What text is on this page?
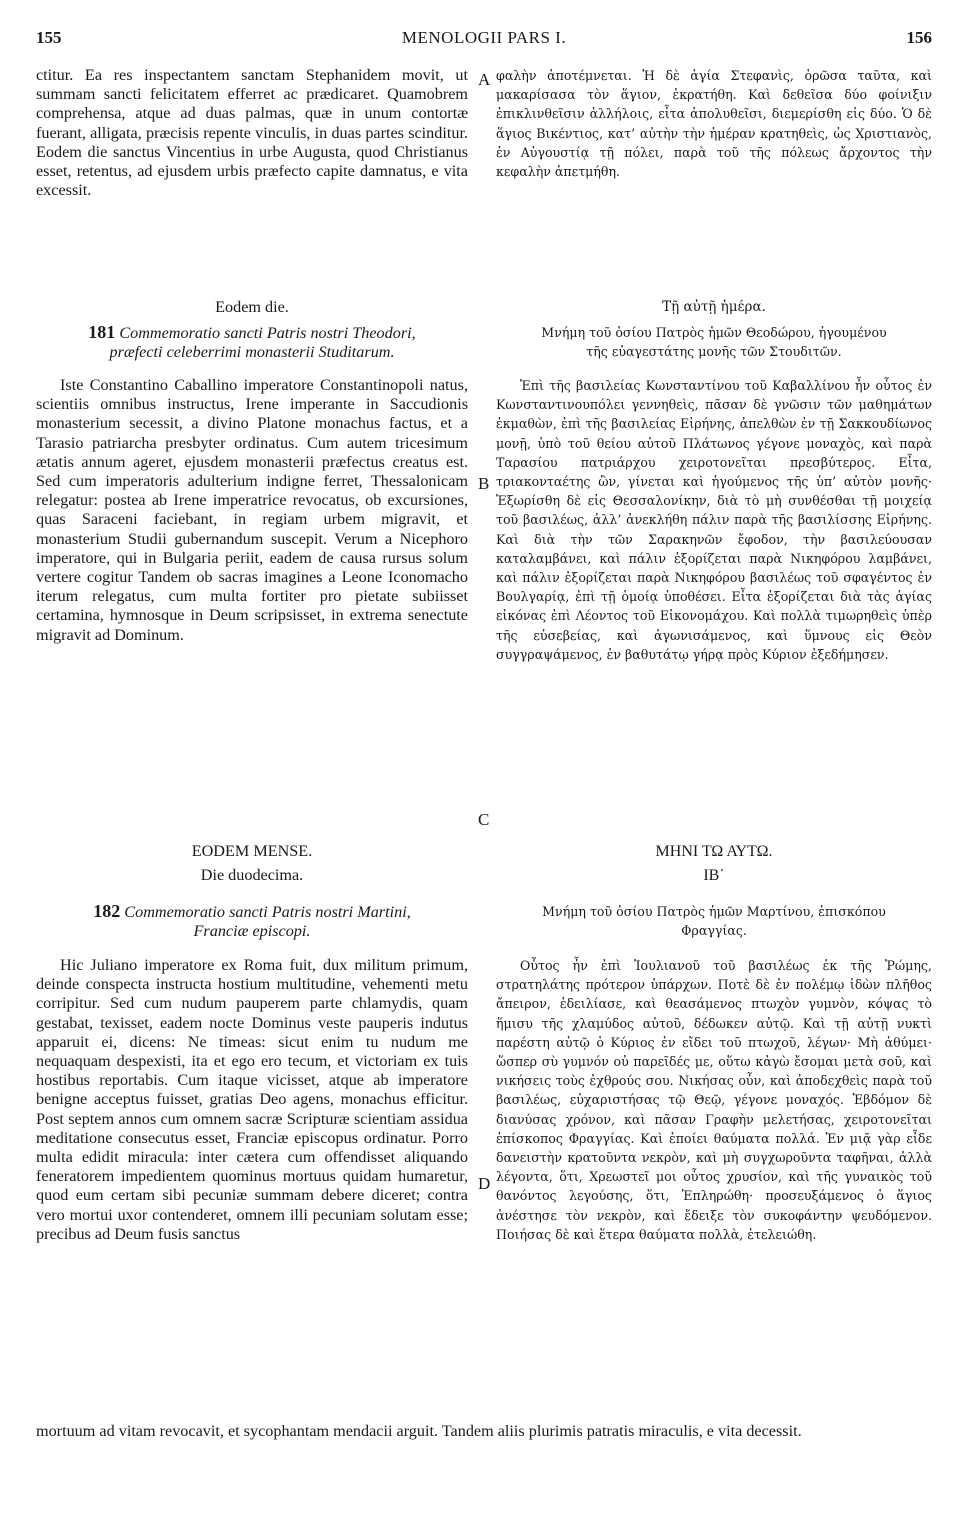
155	MENOLOGII PARS I.	156
A
B
C
D

ctitur. Ea res inspectantem sanctam Stephanidem movit, ut summam sancti felicitatem efferret ac prædicaret. Quamobrem comprehensa, atque ad duas palmas, quæ in unum contortæ fuerant, alligata, præcisis repente vinculis, in duas partes scinditur. Eodem die sanctus Vincentius in urbe Augusta, quod Christianus esset, retentus, ad ejusdem urbis præfecto capite damnatus, e vita excessit.

Eodem die.
181 Commemoratio sancti Patris nostri Theodori,
præfecti celeberrimi monasterii Studitarum.

Iste Constantino Caballino imperatore Constantinopoli natus, scientiis omnibus instructus, Irene imperante in Saccudionis monasterium secessit, a divino Platone monachus factus, et a Tarasio patriarcha presbyter ordinatus. Cum autem tricesimum ætatis annum ageret, ejusdem monasterii præfectus creatus est. Sed cum imperatoris adulterium indigne ferret, Thessalonicam relegatur: postea ab Irene imperatrice revocatus, ob excursiones, quas Saraceni faciebant, in regiam urbem migravit, et monasterium Studii gubernandum suscepit. Verum a Nicephoro imperatore, qui in Bulgaria periit, eadem de causa rursus solum vertere cogitur Tandem ob sacras imagines a Leone Iconomacho iterum relegatus, cum multa fortiter pro pietate subiisset certamina, hymnosque in Deum scripsisset, in extrema senectute migravit ad Dominum.

EODEM MENSE.
Die duodecima.
182 Commemoratio sancti Patris nostri Martini,
Franciæ episcopi.

Hic Juliano imperatore ex Roma fuit, dux militum primum, deinde conspecta instructa hostium multitudine, vehementi metu corripitur. Sed cum nudum pauperem parte chlamydis, quam gestabat, texisset, eadem nocte Dominus veste pauperis indutus apparuit ei, dicens: Ne timeas: sicut enim tu nudum me nequaquam despexisti, ita et ego ero tecum, et victoriam ex tuis hostibus reportabis. Cum itaque vicisset, atque ab imperatore benigne acceptus fuisset, gratias Deo agens, monachus efficitur. Post septem annos cum omnem sacræ Scripturæ scientiam assidua meditatione consecutus esset, Franciæ episcopus ordinatur. Porro multa edidit miracula: inter cætera cum offendisset aliquando feneratorem impedientem quominus mortuus quidam humaretur, quod eum certam sibi pecuniæ summam debere diceret; contra vero mortui uxor contenderet, omnem illi pecuniam solutam esse; precibus ad Deum fusis sanctus

φαλὴν ἀποτέμνεται. Ἡ δὲ ἁγία Στεφανὶς, ὁρῶσα ταῦτα, καὶ μακαρίσασα τὸν ἅγιον, ἐκρατήθη. Καὶ δεθεῖσα δύο φοίνιξιν ἐπικλινθεῖσιν ἀλλήλοις, εἶτα ἀπολυθεῖσι, διεμερίσθη εἰς δύο. Ὁ δὲ ἅγιος Βικέντιος, κατ’ αὐτὴν τὴν ἡμέραν κρατηθεὶς, ὡς Χριστιανὸς, ἐν Αὐγουστίᾳ τῇ πόλει, παρὰ τοῦ τῆς πόλεως ἄρχοντος τὴν κεφαλὴν ἀπετμήθη.

Τῇ αὐτῇ ἡμέρα.
Μνήμη τοῦ ὁσίου Πατρὸς ἡμῶν Θεοδώρου, ἡγουμένου
τῆς εὐαγεστάτης μονῆς τῶν Στουδιτῶν.

Ἐπὶ τῆς βασιλείας Κωνσταντίνου τοῦ Καβαλλίνου ἦν οὗτος ἐν Κωνσταντινουπόλει γεννηθεὶς, πᾶσαν δὲ γνῶσιν τῶν μαθημάτων ἐκμαθὼν, ἐπὶ τῆς βασιλείας Εἰρήνης, ἀπελθὼν ἐν τῇ Σακκουδίωνος μονῇ, ὑπὸ τοῦ θείου αὐτοῦ Πλάτωνος γέγονε μοναχὸς, καὶ παρὰ Ταρασίου πατριάρχου χειροτονεῖται πρεσβύτερος. Εἶτα, τριακονταέτης ὢν, γίνεται καὶ ἡγούμενος τῆς ὑπ’ αὐτὸν μονῆς· Ἐξωρίσθη δὲ εἰς Θεσσαλονίκην, διὰ τὸ μὴ συνθέσθαι τῇ μοιχείᾳ τοῦ βασιλέως, ἀλλ’ ἀνεκλήθη πάλιν παρὰ τῆς βασιλίσσης Εἰρήνης. Καὶ διὰ τὴν τῶν Σαρακηνῶν ἔφοδον, τὴν βασιλεύουσαν καταλαμβάνει, καὶ πάλιν ἐξορίζεται παρὰ Νικηφόρου λαμβάνει, καὶ πάλιν ἐξορίζεται παρὰ Νικηφόρου βασιλέως τοῦ σφαγέντος ἐν Βουλγαρίᾳ, ἐπὶ τῇ ὁμοίᾳ ὑποθέσει. Εἶτα ἐξορίζεται διὰ τὰς ἁγίας εἰκόνας ἐπὶ Λέοντος τοῦ Εἰκονομάχου. Καὶ πολλὰ τιμωρηθεὶς ὑπὲρ τῆς εὐσεβείας, καὶ ἀγωνισάμενος, καὶ ὕμνους εἰς Θεὸν συγγραψάμενος, ἐν βαθυτάτῳ γήρᾳ πρὸς Κύριον ἐξεδήμησεν.

ΜΗΝΙ ΤΩ ΑΥΤΩ.
ΙΒ΄
Μνήμη τοῦ ὁσίου Πατρὸς ἡμῶν Μαρτίνου, ἐπισκόπου
Φραγγίας.

Οὗτος ἦν ἐπὶ Ἰουλιανοῦ τοῦ βασιλέως ἐκ τῆς Ῥώμης, στρατηλάτης πρότερον ὑπάρχων. Ποτὲ δὲ ἐν πολέμῳ ἰδὼν πλῆθος ἄπειρον, ἐδειλίασε, καὶ θεασάμενος πτωχὸν γυμνὸν, κόψας τὸ ἥμισυ τῆς χλαμύδος αὐτοῦ, δέδωκεν αὐτῷ. Καὶ τῇ αὐτῇ νυκτὶ παρέστη αὐτῷ ὁ Κύριος ἐν εἴδει τοῦ πτωχοῦ, λέγων· Μὴ ἀθύμει· ὥσπερ σὺ γυμνόν οὐ παρεῖδές με, οὕτω κἀγὼ ἔσομαι μετὰ σοῦ, καὶ νικήσεις τοὺς ἐχθρούς σου. Νικήσας οὖν, καὶ ἀποδεχθεὶς παρὰ τοῦ βασιλέως, εὐχαριστήσας τῷ Θεῷ, γέγονε μοναχός. Ἑβδόμον δὲ διανύσας χρόνον, καὶ πᾶσαν Γραφὴν μελετήσας, χειροτονεῖται ἐπίσκοπος Φραγγίας. Καὶ ἐποίει θαύματα πολλά. Ἐν μιᾷ γὰρ εἶδε δανειστὴν κρατοῦντα νεκρὸν, καὶ μὴ συγχωροῦντα ταφῆναι, ἀλλὰ λέγοντα, ὅτι, Χρεωστεῖ μοι οὗτος χρυσίον, καὶ τῆς γυναικὸς τοῦ θανόντος λεγούσης, ὅτι, Ἐπληρώθη· προσευξάμενος ὁ ἅγιος ἀνέστησε τὸν νεκρὸν, καὶ ἔδειξε τὸν συκοφάντην ψευδόμενον. Ποιήσας δὲ καὶ ἕτερα θαύματα πολλὰ, ἐτελειώθη.

mortuum ad vitam revocavit, et sycophantam mendacii arguit. Tandem aliis plurimis patratis miraculis, e vita decessit.
